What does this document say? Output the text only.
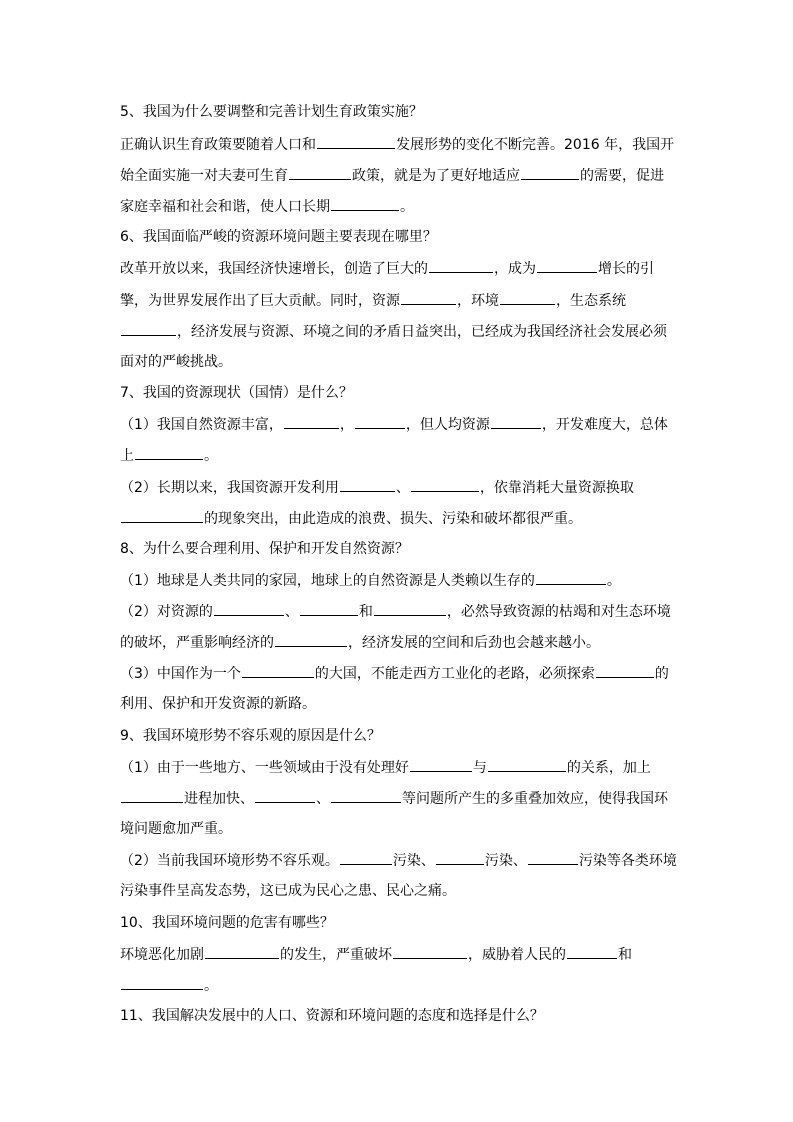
5、我国为什么要调整和完善计划生育政策实施？
正确认识生育政策要随着人口和	发展形势的变化不断完善。2016 年，我国开
始全面实施一对夫妻可生育	政策，就是为了更好地适应	的需要，促进
家庭幸福和社会和谐，使人口长期	。
6、我国面临严峻的资源环境问题主要表现在哪里？
改革开放以来，我国经济快速增长，创造了巨大的	，成为	增长的引
擎，为世界发展作出了巨大贡献。同时，资源	，环境	，生态系统
，经济发展与资源、环境之间的矛盾日益突出，已经成为我国经济社会发展必须
面对的严峻挑战。
7、我国的资源现状（国情）是什么？
（1）我国自然资源丰富，	，	，但人均资源	，开发难度大，总体
上	。
（2）长期以来，我国资源开发利用	、	，依靠消耗大量资源换取
的现象突出，由此造成的浪费、损失、污染和破坏都很严重。
8、为什么要合理利用、保护和开发自然资源？
（1）地球是人类共同的家园，地球上的自然资源是人类赖以生存的	。
（2）对资源的	、	和	，必然导致资源的枯竭和对生态环境
的破坏，严重影响经济的	，经济发展的空间和后劲也会越来越小。
（3）中国作为一个	的大国，不能走西方工业化的老路，必须探索	的
利用、保护和开发资源的新路。
9、我国环境形势不容乐观的原因是什么？
（1）由于一些地方、一些领域由于没有处理好	与	的关系，加上
进程加快、	、	等问题所产生的多重叠加效应，使得我国环
境问题愈加严重。
（2）当前我国环境形势不容乐观。	污染、	污染、	污染等各类环境
污染事件呈高发态势，这已成为民心之患、民心之痛。
10、我国环境问题的危害有哪些？
环境恶化加剧	的发生，严重破坏	，威胁着人民的	和
。
11、我国解决发展中的人口、资源和环境问题的态度和选择是什么？
